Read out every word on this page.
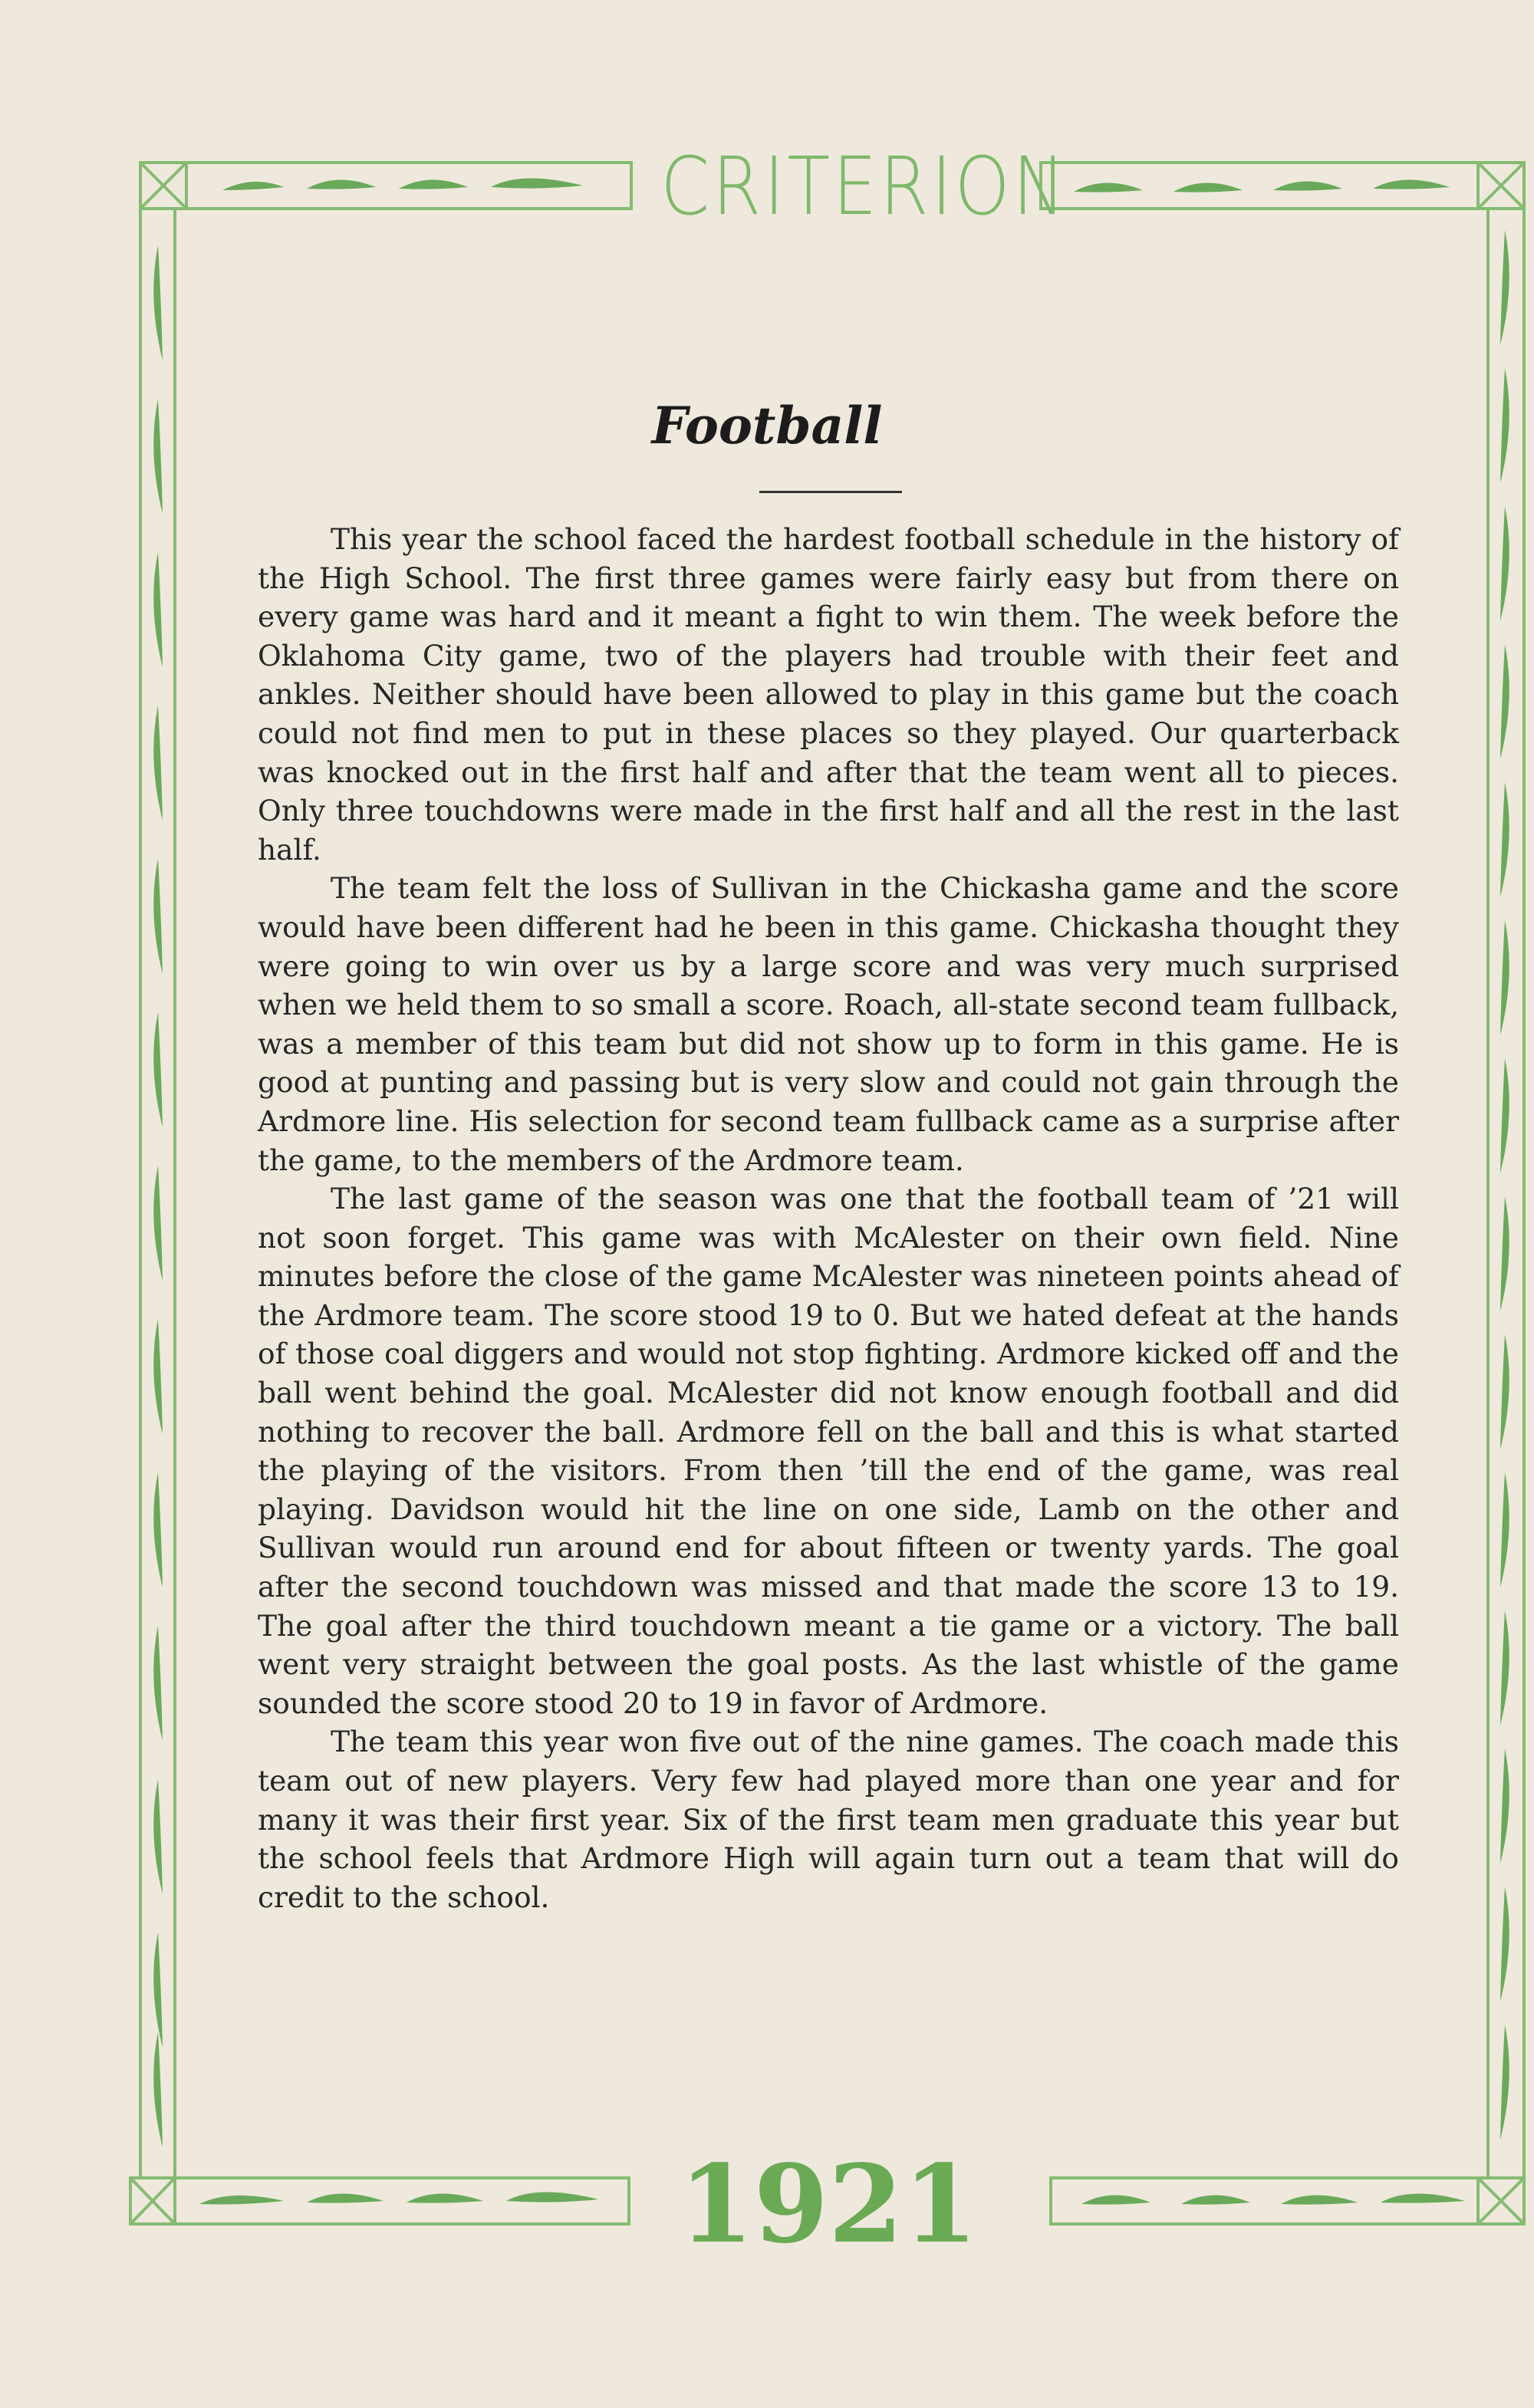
CRITERION
Football

This year the school faced the hardest football schedule in the history of the High School. The first three games were fairly easy but from there on every game was hard and it meant a fight to win them. The week before the Oklahoma City game, two of the players had trouble with their feet and ankles. Neither should have been allowed to play in this game but the coach could not find men to put in these places so they played. Our quarterback was knocked out in the first half and after that the team went all to pieces. Only three touchdowns were made in the first half and all the rest in the last half.

The team felt the loss of Sullivan in the Chickasha game and the score would have been different had he been in this game. Chickasha thought they were going to win over us by a large score and was very much surprised when we held them to so small a score. Roach, all-state second team fullback, was a member of this team but did not show up to form in this game. He is good at punting and passing but is very slow and could not gain through the Ardmore line. His selection for second team fullback came as a surprise after the game, to the members of the Ardmore team.

The last game of the season was one that the football team of ’21 will not soon forget. This game was with McAlester on their own field. Nine minutes before the close of the game McAlester was nineteen points ahead of the Ardmore team. The score stood 19 to 0. But we hated defeat at the hands of those coal diggers and would not stop fighting. Ardmore kicked off and the ball went behind the goal. McAlester did not know enough football and did nothing to recover the ball. Ardmore fell on the ball and this is what started the playing of the visitors. From then ’till the end of the game, was real playing. Davidson would hit the line on one side, Lamb on the other and Sullivan would run around end for about fifteen or twenty yards. The goal after the second touchdown was missed and that made the score 13 to 19. The goal after the third touchdown meant a tie game or a victory. The ball went very straight between the goal posts. As the last whistle of the game sounded the score stood 20 to 19 in favor of Ardmore.

The team this year won five out of the nine games. The coach made this team out of new players. Very few had played more than one year and for many it was their first year. Six of the first team men graduate this year but the school feels that Ardmore High will again turn out a team that will do credit to the school.

1921
